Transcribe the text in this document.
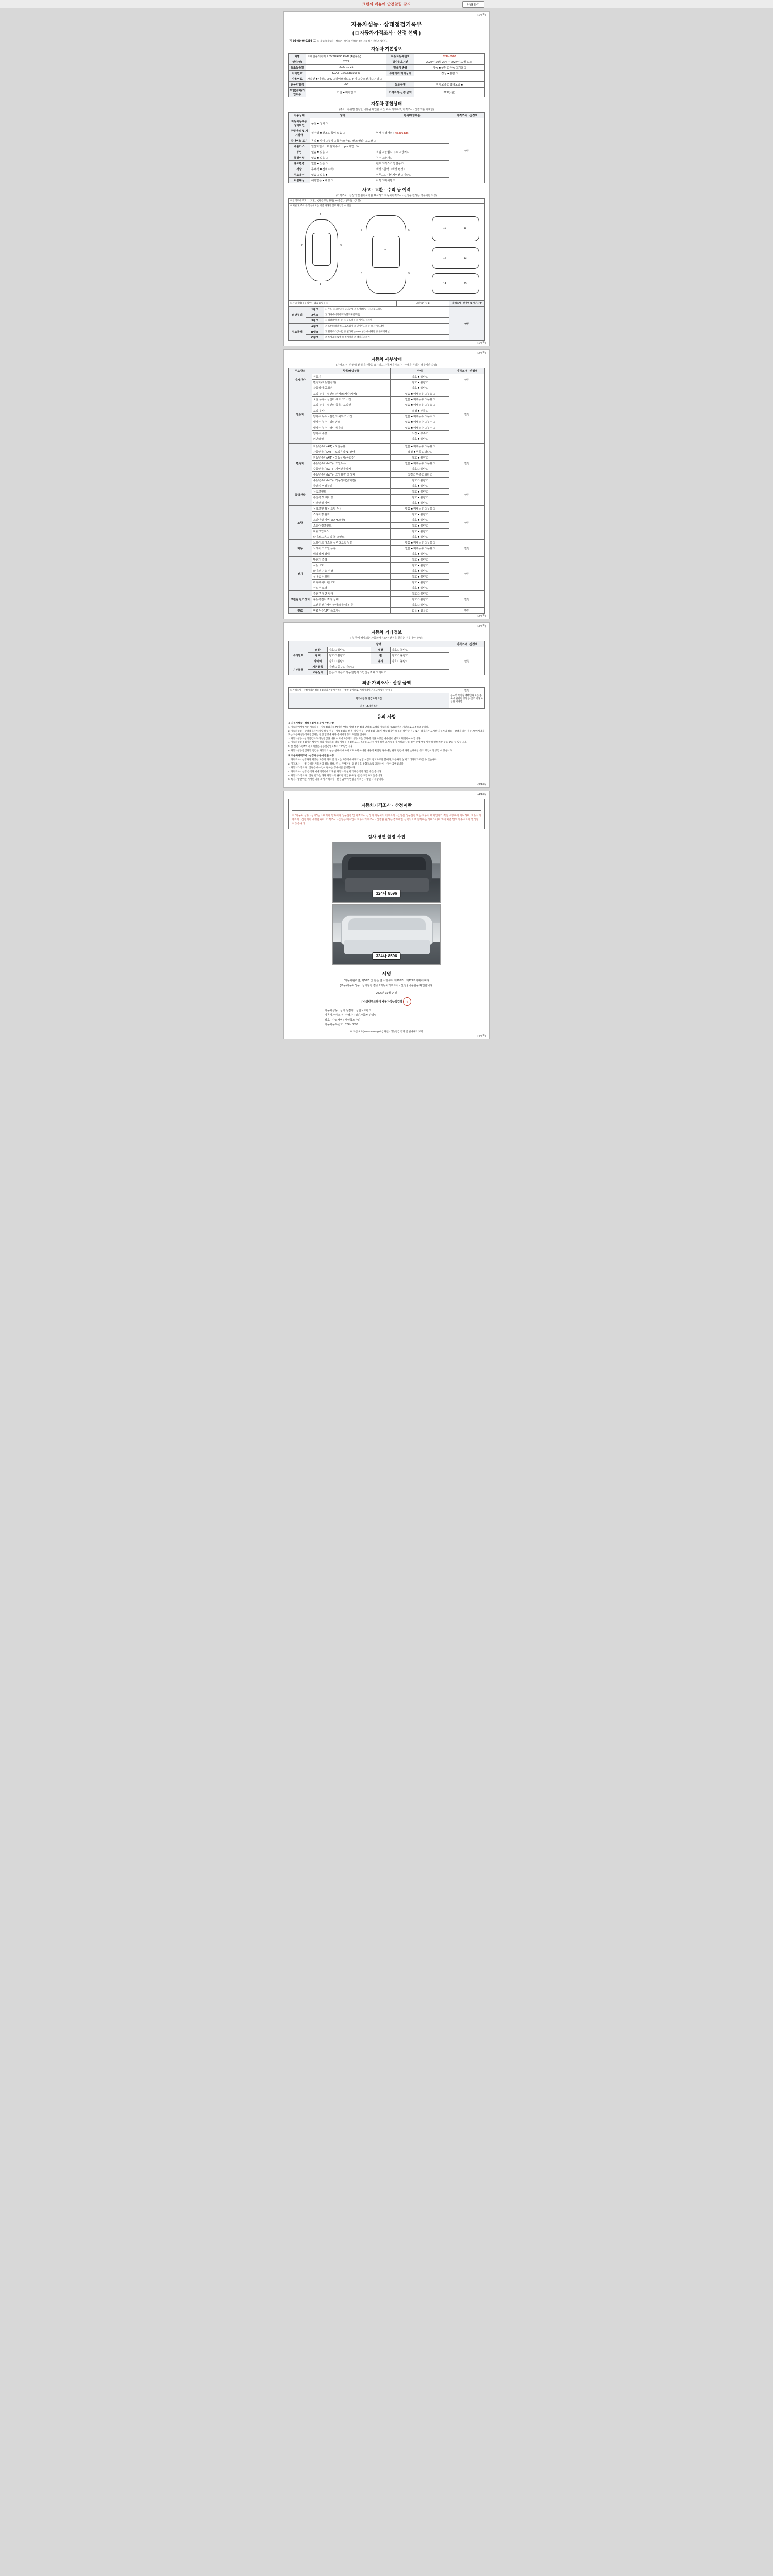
크린의 메뉴에 안전알림 감지	인쇄하기
(1/4쪽)
자동차성능 · 상태점검기록부
( □ 자동차가격조사 · 산정 선택 )
제 05-00-040356 호 ※ 자동차[자동차 · 성능은 · 해당의 원하는 경우 제공해는 서비스 입니다.]
자동차 기본정보
차명	트레일블레이저 1.35 TURBO FWD (4륜구동)	자동차등록번호	324나8596
연식(연)	2022	검사유효기간	2025년 10월 22일 ~ 2027년 10월 21일
최초등록일	2022-10-21	변속기 종류	자동 ■ 무단 □ 수동 □ 기타 □
차대번호	KLA4TCS62NB036547	주행거리 계기상태	정상 ■ 불량 □
사용연료	가솔린 ■ 디젤 □ LPG □ 하이브리드 □ 전기 □ 수소전기 □ 기타 □		
원동기형식	LSY	보증유형	자가보증 □ 업체보증 ■
보험(공제)가입여부	가입 ■ 미가입 □	가격조사·산정 금액	329만(원)
자동차 종합상태
(주요 · 부위별 점검한 내용을 확인할 수 있도록 기재하고, 가격조사 · 산정액을 기재함)
사용상태	상태	항목/해당부품	가격조사 · 산정액
자동차등록증 상태확인	동일 ■ 상이 □		만원
주행거리 및 계기상태	실주행 ■ 변조 □ 특이 없음 □	현재 주행거리 : 48,496 Km	
차대번호 표기	동일 ■ 상이 □ 부식 □ 훼손(오손) □ 변조(변타) □ 도말 □		
배출가스	일산화탄소 : % 탄화수소 : ppm 매연 : %		
튜닝	없음 ■ 있음 □	적법 □ 불법 □ 구조 □ 장치 □	
특별이력	없음 ■ 있음 □	침수 □ 화재 □	
용도변경	없음 ■ 있음 □	렌트 □ 리스 □ 영업용 □	
색상	무채색 ■ 전체도색 □	색상 : 흰색 □ 색상 변경 □	
주요옵션	없음 □ 있음 ■	선루프 □ 내비게이션 □ 기타 □	
리콜대상	해당없음 ■ 해당 □	이행 □ 미이행 □	
사고 · 교환 · 수리 등 이력
(가격조사 · 산정액 및 불가사항을 표시하고 자동차가격조사 · 산정을 원하는 경우에만 작성)
※ 상태표시 부호 : X(교환), A(판금 또는 용접), W(흠집), C(부식), T(요철)
※ 외판 및 주요 골격 부위도는 기준 아래의 실로 확인할 수 있음
1
2	3
4
7
5	6
8	9
10	11
12	13
14	15
※ 사고이력(유무 확인) : 없음 ■ 있음 □	교환 ■ 단순 ■	가격조사 · 산정액 및 평가사항
외판부위	1랭크	① 후드 ② 프론트휀더(좌/우) ③ 도어(좌/우) ④ 트렁크리드	만원
	2랭크	⑤ 라디에이터서포트(볼트체결부품)	
	3랭크	⑥ 쿼터패널(좌/우) ⑦ 루프패널 ⑧ 사이드실패널	
주요골격	A랭크	⑨ 프론트패널 ⑩ 크로스멤버 ⑪ 인사이드패널 ⑫ 사이드멤버	
	B랭크	⑬ 휠하우스(좌/우) ⑭ 필라패널(A,B,C) ⑮ 대쉬패널 ⑯ 플로어패널	
	C랭크	⑰ 트렁크플로어 ⑱ 리어패널 ⑲ 패키지트레이	
(1/4쪽)
(2/4쪽)
자동차 세부상태
(가격조사 · 산정액 및 불가사항을 표시하고 자동차가격조사 · 산정을 원하는 경우에만 작성)
주요장치	항목/해당부품	상태	가격조사 · 산정액
자기진단	원동기	양호 ■ 불량 □	만원
	변속기(자동변속기)	양호 ■ 불량 □	
원동기	작동상태(공회전)	양호 ■ 불량 □	만원
	오일 누유 - 실린더 커버(로커암 커버)	없음 ■ 미세누유 □ 누유 □	
	오일 누유 - 실린더 헤드 / 가스켓	없음 ■ 미세누유 □ 누유 □	
	오일 누유 - 실린더 블록 / 오일팬	없음 ■ 미세누유 □ 누유 □	
	오일 유량	적정 ■ 부족 □	
	냉각수 누수 - 실린더 헤드/가스켓	없음 ■ 미세누수 □ 누수 □	
	냉각수 누수 - 워터펌프	없음 ■ 미세누수 □ 누수 □	
	냉각수 누수 - 라디에이터	없음 ■ 미세누수 □ 누수 □	
	냉각수 수량	적정 ■ 부족 □	
	커먼레일	양호 ■ 불량 □	

변속기	자동변속기(A/T) - 오일누유	없음 ■ 미세누유 □ 누유 □	만원
	자동변속기(A/T) - 오일유량 및 상태	적정 ■ 부족 □ 과다 □	
	자동변속기(A/T) - 작동상태(공회전)	양호 ■ 불량 □	
	수동변속기(M/T) - 오일누유	없음 ■ 미세누유 □ 누유 □	
	수동변속기(M/T) - 기어변속장치	양호 □ 불량 □	
	수동변속기(M/T) - 오일유량 및 상태	적정 □ 부족 □ 과다 □	
	수동변속기(M/T) - 작동상태(공회전)	양호 □ 불량 □	
동력전달	클러치 어셈블리	양호 ■ 불량 □	만원
	등속조인트	양호 ■ 불량 □	
	추진축 및 베어링	양호 ■ 불량 □	
	디퍼렌셜 기어	양호 ■ 불량 □	
조향	동력조향 작동 오일 누유	없음 ■ 미세누유 □ 누유 □	만원
	스티어링 펌프	양호 ■ 불량 □	
	스티어링 기어(MDPS포함)	양호 ■ 불량 □	
	스티어링조인트	양호 ■ 불량 □	
	파워고압호스	양호 ■ 불량 □	
	타이로드엔드 및 볼 조인트	양호 ■ 불량 □	
제동	브레이크 마스터 실린더오일 누유	없음 ■ 미세누유 □ 누유 □	만원
	브레이크 오일 누유	없음 ■ 미세누유 □ 누유 □	
	배력장치 상태	양호 ■ 불량 □	
전기	발전기 출력	양호 ■ 불량 □	만원
	시동 모터	양호 ■ 불량 □	
	와이퍼 기능 이상	양호 ■ 불량 □	
	실내송풍 모터	양호 ■ 불량 □	
	라디에이터 팬 모터	양호 ■ 불량 □	
	윈도우 모터	양호 ■ 불량 □	
고전원 전기장치	충전구 절연 상태	양호 □ 불량 □	만원
	구동축전지 격리 상태	양호 □ 불량 □	
	고전원전기배선 상태(접속/피복 등)	양호 □ 불량 □	
연료	연료누출(LP가스포함)	없음 ■ 있음 □	만원
(2/4쪽)
(3/4쪽)
자동차 기타정보
(유·무에 해당되는 자동차가격조사·산정을 원하는 경우에만 작성)
	상태				가격조사 · 산정액
수리필요	외장	양호 □ 불량 □	내장	양호 □ 불량 □	만원
	광택	양호 □ 불량 □	휠	양호 □ 불량 □	
	타이어	양호 □ 불량 □	유리	양호 □ 불량 □	
기본품목	기본품목	자켓 □ 공구 □ 기타 □			
	보유상태	없음 □ 있음 □ 사용설명서 □ 안전삼각대 □ 기타 □			
최종 가격조사 · 산정 금액
※ 가격조사 · 산정가격은 성능점검일의 자동차가격을 산정한 것이므로, 거래가격이 기재되지 않을 수 있음	만원
특기사항 및 점검자의 의견	용도와 특성상 매매업자 또는 종류에 관련된 항목 등 참조 기타 사항을 기재함
가격 · 조사산정자	
유의 사항

※ 자동차성능 · 상태점검자 부분에 관한 사항

1. 자동차매매업자는 자동차를 · 상태점검기록부(이하 "성능·상태 부분 점검 안내를 고객의 자동차의 KM(㎞)까지 기간으로 교부하였습니다.

2. 자동차성능 · 상태점검자가 차량 발송 성능 · 상태점검을 한 후 차량 성능 · 상태점검 내용이 성능점검한 내용과 상이할 경우 또는 점검자가 고지한 자동차의 성능 · 상태가 다른 경우, 매매계약자 또는 자동차성능상태점검자는 관련 법령에 따라 손해배상 등의 책임을 집니다.

3. 자동차성능 · 상태점검자가 성능점검한 내용 이외에 자동차의 성능 또는 상태에 대한 사항은 매수인이 별도로 확인하여야 합니다.

4. 자동차성능점검자는 법령에 따라 자동차의 성능·상태를 점검하고 그 결과를 고지하여야 하며 고지 내용이 사실과 다를 경우 관계 법령에 따라 행정처분 등을 받을 수 있습니다.

5. 본 점검기록부의 유효기간은 성능점검일로부터 120일입니다.

6. 자동차성능점검자가 점검한 자동차의 성능·상태에 대하여 고지하지 아니한 내용이 확인될 경우에는 관계 법령에 따라 손해배상 등의 책임이 발생할 수 있습니다.

※ 자동차가격조사 · 산정자 부분에 관한 사항

1. 가격조사 · 산정자가 제공한 자동차 가격 및 정보는 자동차매매계약 성립 시점의 참고자료일 뿐이며, 자동차의 실제 거래가격과 다를 수 있습니다.

2. 가격조사 · 산정 금액은 자동차의 성능·상태, 연식, 주행거리, 옵션 등을 종합적으로 고려하여 산정한 금액입니다.

3. 자동차가격조사 · 산정은 매수인이 원하는 경우에만 실시합니다.

4. 가격조사 · 산정 금액과 매매계약서에 기재된 자동차의 실제 거래금액이 다를 수 있습니다.

5. 자동차가격조사 · 산정 결과는 해당 자동차의 권리관계(압류·저당 등)를 포함하지 않습니다.

6. 특기사항란에는 기재된 내용 외에 가격조사 · 산정 금액에 영향을 미치는 사항을 기재합니다.

(3/4쪽)
(4/4쪽)
자동차가격조사 · 산정이란
※ "자동차 성능 · 상태"는 소비자가 원하여야 성능점검 및 가격조사 산정의 자동차의 가격조사 · 산정은 성능점검 또는 자동차 매매업자가 직접 수행하지 아니하며, 자동차가격조사 · 산정자가 수행합니다. 가격조사 · 산정은 매수인이 자동차가격조사 · 산정을 원하는 경우에만 선택적으로 진행하는 서비스이며 그에 따른 별도의 수수료가 발생할 수 있습니다.
검사 장면 촬영 사진
324나 8596
324나 8596
서명
"자동차관리법, 제58조 및 같은 법 시행규칙 제120조 · 제121조기재에 따라
(구등)자동차성능 · 상태점검 검증 / 자동차가격조사 · 산정 ) 내용임을 확인합니다.
2026년 03월 04일
[ 4]성민국토관리 자동차성능점검장 인
자동차성능 · 상태 점검자 : 성민국토관리
자동차가격조사 · 산정자 : 성민자동차 관리업
상호 · 사업자명 : 성민국토관리
자동차등록번호 : 324나8596
※ 자신 최초(www.car365.go.kr) 자신 · 성능점검 결과 및 판매내역 보기
(4/4쪽)
